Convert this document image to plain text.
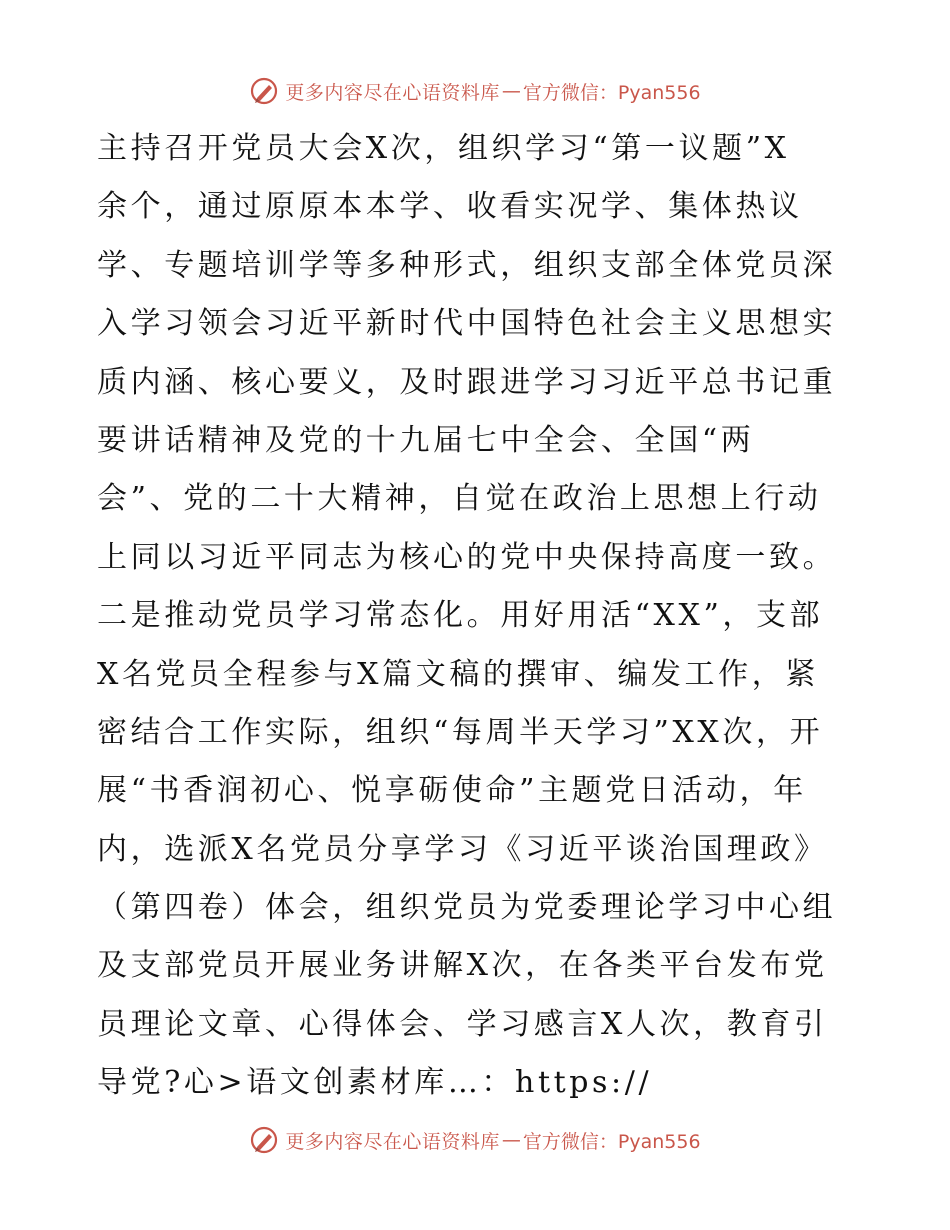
更多内容尽在心语资料库 — 官方微信：Pyan556
主持召开党员大会X次，组织学习“第一议题”X
余个，通过原原本本学、收看实况学、集体热议
学、专题培训学等多种形式，组织支部全体党员深
入学习领会习近平新时代中国特色社会主义思想实
质内涵、核心要义，及时跟进学习习近平总书记重
要讲话精神及党的十九届七中全会、全国“两
会”、党的二十大精神，自觉在政治上思想上行动
上同以习近平同志为核心的党中央保持高度一致。
二是推动党员学习常态化。用好用活“XX”，支部
X名党员全程参与X篇文稿的撰审、编发工作，紧
密结合工作实际，组织“每周半天学习”XX次，开
展“书香润初心、悦享砺使命”主题党日活动，年
内，选派X名党员分享学习《习近平谈治国理政》
（第四卷）体会，组织党员为党委理论学习中心组
及支部党员开展业务讲解X次，在各类平台发布党
员理论文章、心得体会、学习感言X人次，教育引
导党?心>语文创素材库…：https://
更多内容尽在心语资料库 — 官方微信：Pyan556
